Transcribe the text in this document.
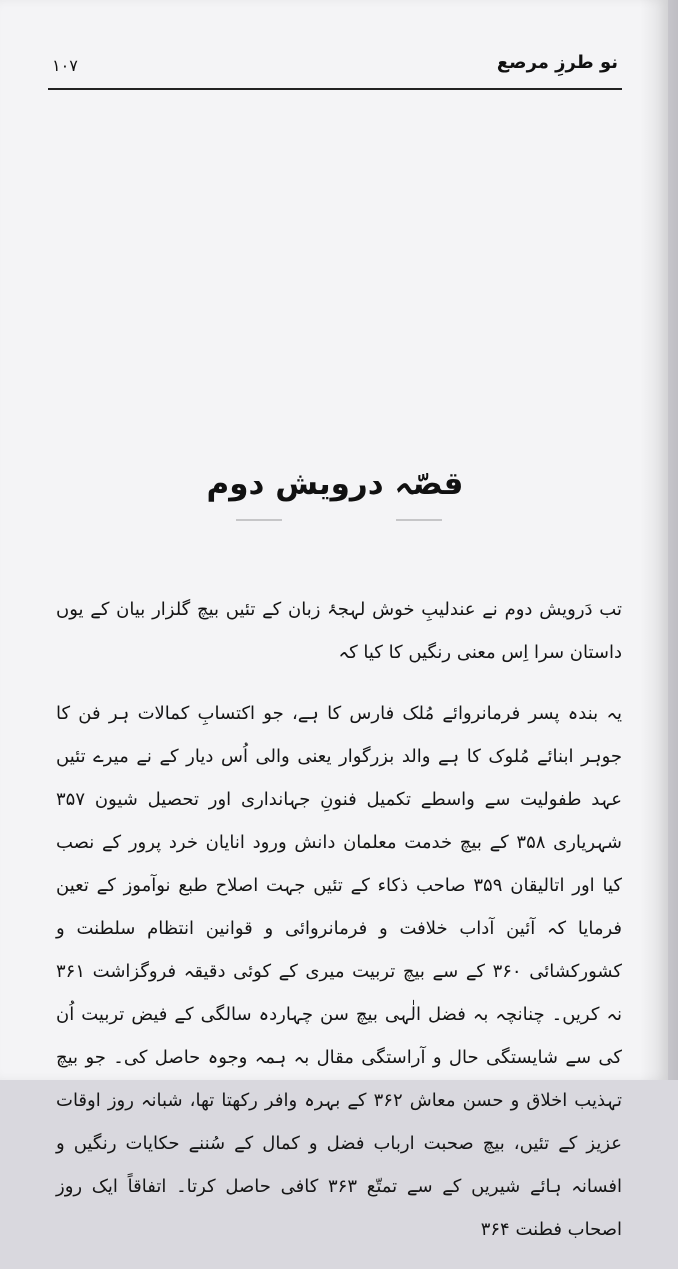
نو طرزِ مرصع
۱۰۷
قصّہ درویش دوم

تب دَرویش دوم نے عندلیبِ خوش لہجۂ زبان کے تئیں بیچ گلزار بیان کے یوں داستان سرا اِس معنی رنگیں کا کیا کہ

یہ بندہ پسر فرمانروائے مُلک فارس کا ہے، جو اکتسابِ کمالات ہر فن کا جوہر ابنائے مُلوک کا ہے والد بزرگوار یعنی والی اُس دیار کے نے میرے تئیں عہد طفولیت سے واسطے تکمیل فنونِ جہانداری اور تحصیل شیون ۳۵۷ شہریاری ۳۵۸ کے بیچ خدمت معلمان دانش ورود انایان خرد پرور کے نصب کیا اور اتالیقان ۳۵۹ صاحب ذکاء کے تئیں جہت اصلاح طبع نوآموز کے تعین فرمایا کہ آئین آداب خلافت و فرمانروائی و قوانین انتظام سلطنت و کشورکشائی ۳۶۰ کے سے بیچ تربیت میری کے کوئی دقیقہ فروگزاشت ۳۶۱ نہ کریں۔ چنانچہ بہ فضل الٰہی بیچ سن چہاردہ سالگی کے فیض تربیت اُن کی سے شایستگی حال و آراستگی مقال بہ ہمہ وجوہ حاصل کی۔ جو بیچ تہذیب اخلاق و حسن معاش ۳۶۲ کے بہرہ وافر رکھتا تھا، شبانہ روز اوقات عزیز کے تئیں، بیچ صحبت ارباب فضل و کمال کے سُننے حکایات رنگیں و افسانہ ہائے شیریں کے سے تمتّع ۳۶۳ کافی حاصل کرتا۔ اتفاقاً ایک روز اصحاب فطنت ۳۶۴
